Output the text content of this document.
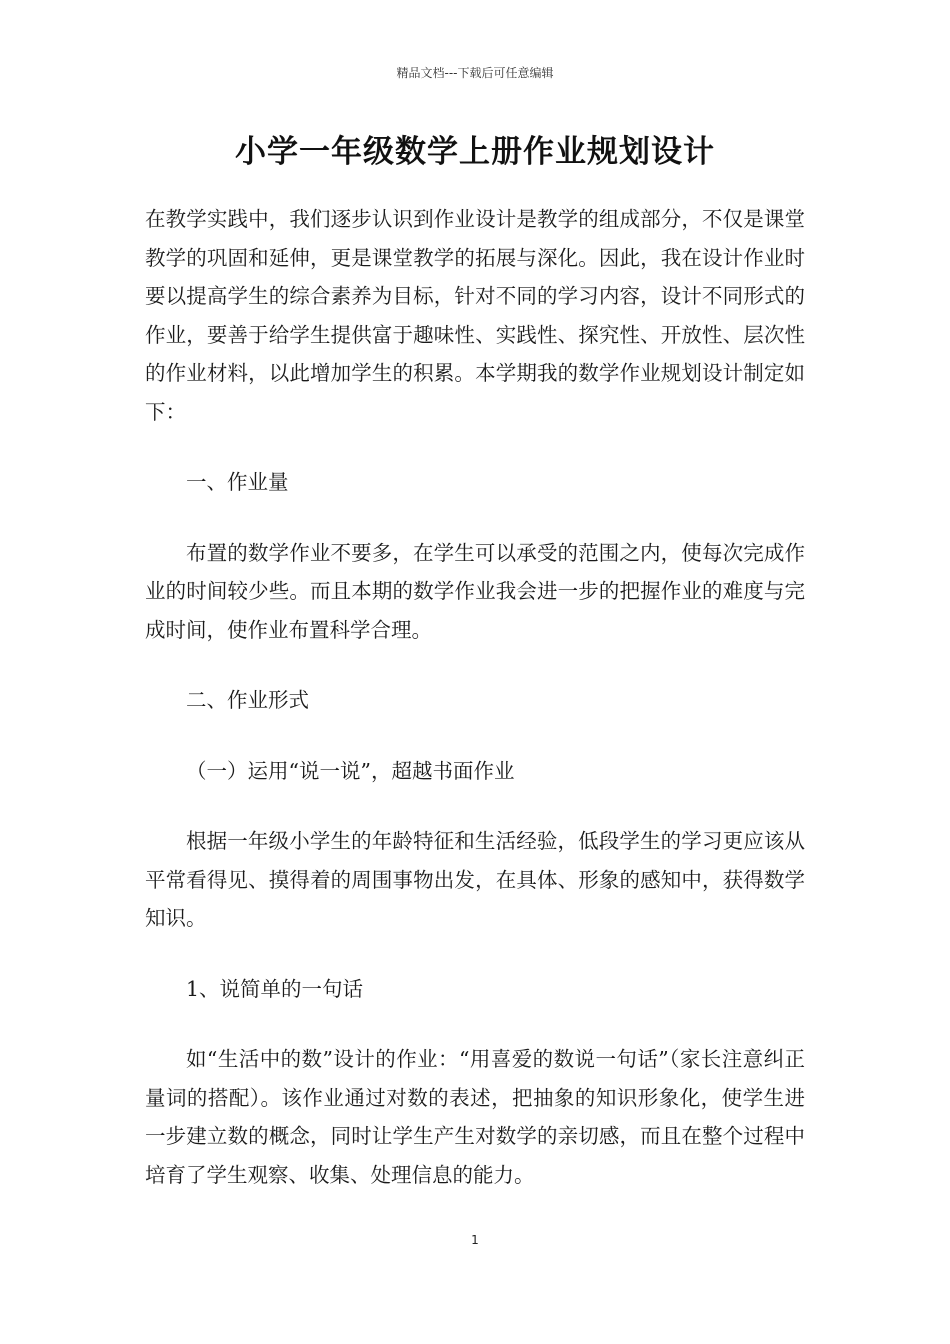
精品文档---下载后可任意编辑
小学一年级数学上册作业规划设计

在教学实践中，我们逐步认识到作业设计是教学的组成部分，不仅是课堂教学的巩固和延伸，更是课堂教学的拓展与深化。因此，我在设计作业时要以提高学生的综合素养为目标，针对不同的学习内容，设计不同形式的作业，要善于给学生提供富于趣味性、实践性、探究性、开放性、层次性的作业材料，以此增加学生的积累。本学期我的数学作业规划设计制定如下：

一、作业量

布置的数学作业不要多，在学生可以承受的范围之内，使每次完成作业的时间较少些。而且本期的数学作业我会进一步的把握作业的难度与完成时间，使作业布置科学合理。

二、作业形式

（一）运用“说一说”，超越书面作业

根据一年级小学生的年龄特征和生活经验，低段学生的学习更应该从平常看得见、摸得着的周围事物出发，在具体、形象的感知中，获得数学知识。

1、说简单的一句话

如“生活中的数”设计的作业：“用喜爱的数说一句话”（家长注意纠正量词的搭配）。该作业通过对数的表述，把抽象的知识形象化，使学生进一步建立数的概念，同时让学生产生对数学的亲切感，而且在整个过程中培育了学生观察、收集、处理信息的能力。

1
